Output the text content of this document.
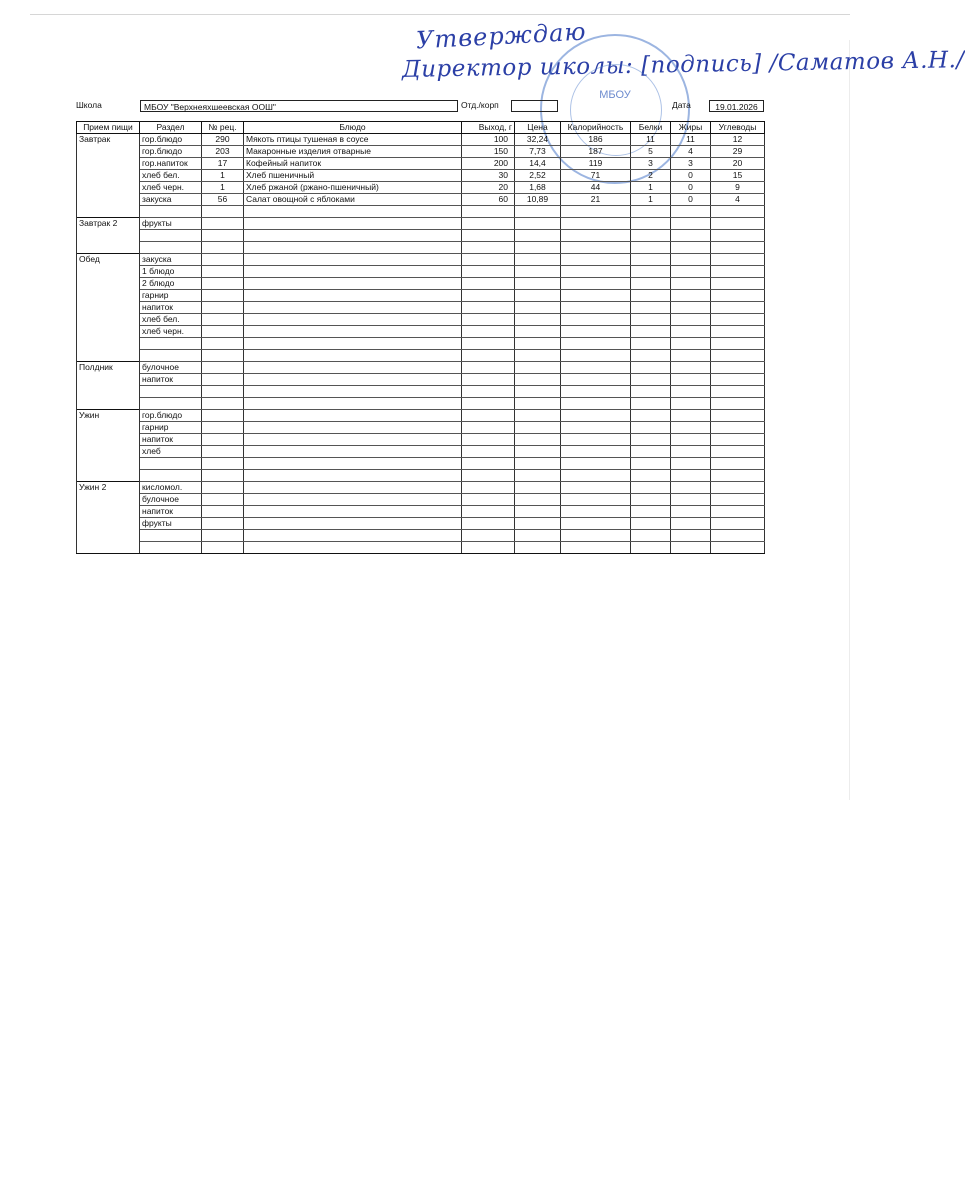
Утверждаю
Директор школы: [подпись] /Саматов А.Н./
МБОУ
Школа	МБОУ "Верхнеяхшеевская ООШ"	Отд./корп	Дата	19.01.2026
Прием пищи	Раздел	№ рец.	Блюдо	Выход, г	Цена	Калорийность	Белки	Жиры	Углеводы
Завтрак	гор.блюдо	290	Мякоть птицы тушеная в соусе	100	32,24	186	11	11	12
	гор.блюдо	203	Макаронные изделия отварные	150	7,73	187	5	4	29
	гор.напиток	17	Кофейный напиток	200	14,4	119	3	3	20
	хлеб бел.	1	Хлеб пшеничный	30	2,52	71	2	0	15
	хлеб черн.	1	Хлеб ржаной (ржано-пшеничный)	20	1,68	44	1	0	9
	закуска	56	Салат овощной с яблоками	60	10,89	21	1	0	4

Завтрак 2	фрукты								

Обед	закуска								
	1 блюдо								
	2 блюдо								
	гарнир								
	напиток								
	хлеб бел.								
	хлеб черн.								

Полдник	булочное								
	напиток								

Ужин	гор.блюдо								
	гарнир								
	напиток								
	хлеб								

Ужин 2	кисломол.								
	булочное								
	напиток								
	фрукты								
